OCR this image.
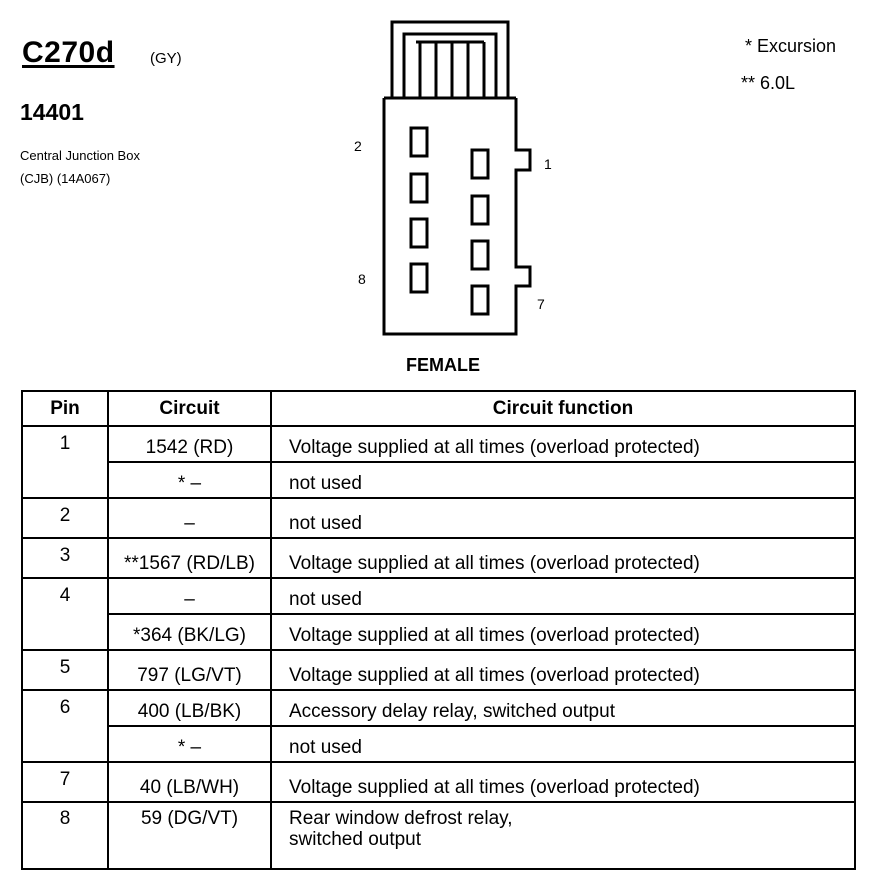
C270d (GY)
14401
Central Junction Box
(CJB) (14A067)
* Excursion
** 6.0L
2
1
8
7
FEMALE
Pin	Circuit	Circuit function
1	1542 (RD)	Voltage supplied at all times (overload protected)
	* –	not used
2	–	not used
3	**1567 (RD/LB)	Voltage supplied at all times (overload protected)
4	–	not used
	*364 (BK/LG)	Voltage supplied at all times (overload protected)
5	797 (LG/VT)	Voltage supplied at all times (overload protected)
6	400 (LB/BK)	Accessory delay relay, switched output
	* –	not used
7	40 (LB/WH)	Voltage supplied at all times (overload protected)
8	59 (DG/VT)	Rear window defrost relay,
switched output
